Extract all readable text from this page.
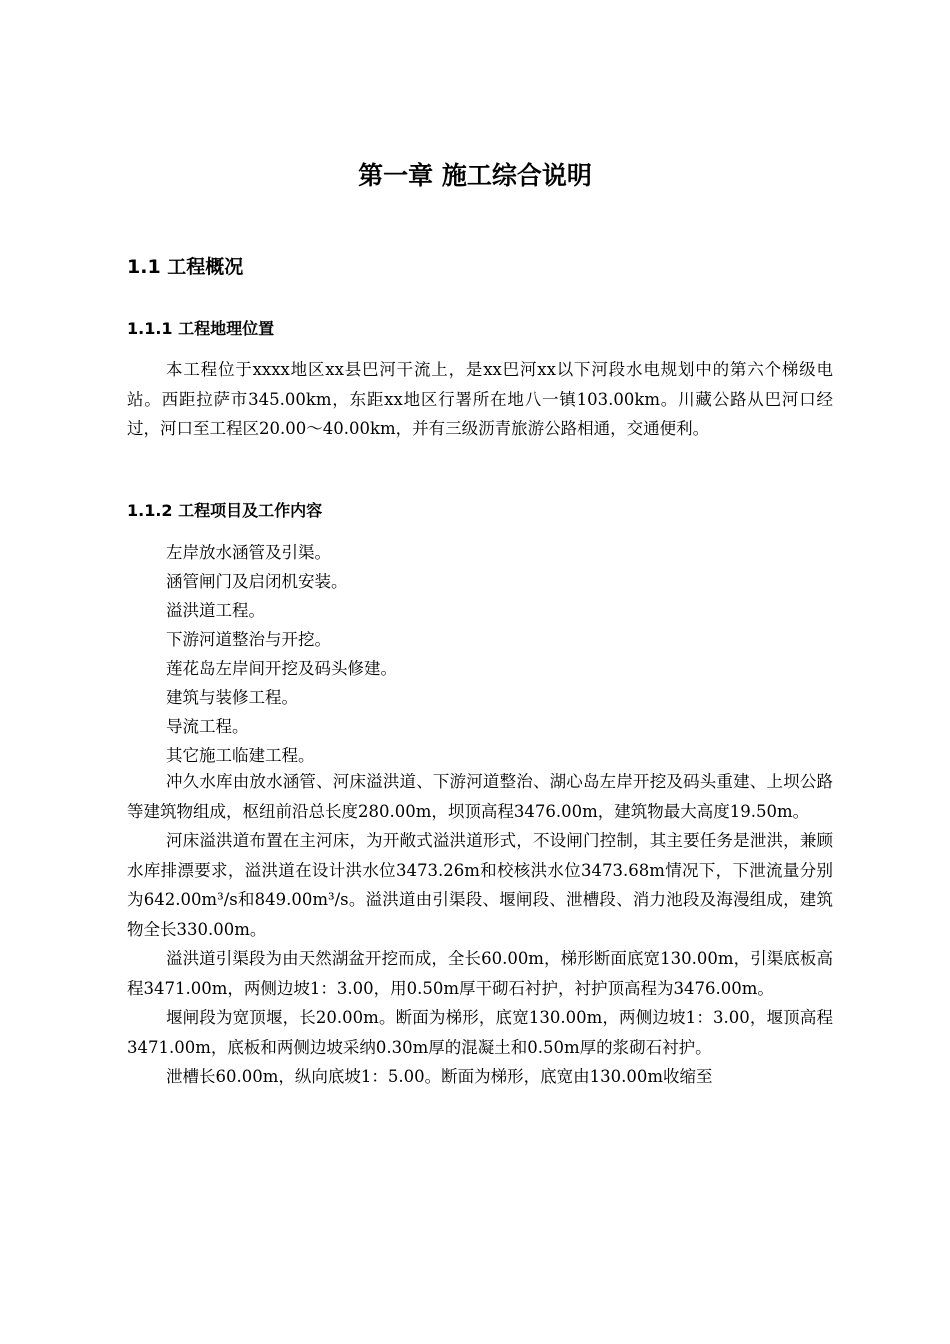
第一章 施工综合说明
1.1 工程概况
1.1.1 工程地理位置

本工程位于xxxx地区xx县巴河干流上，是xx巴河xx以下河段水电规划中的第六个梯级电站。西距拉萨市345.00km，东距xx地区行署所在地八一镇103.00km。川藏公路从巴河口经过，河口至工程区20.00～40.00km，并有三级沥青旅游公路相通，交通便利。

1.1.2 工程项目及工作内容
左岸放水涵管及引渠。
涵管闸门及启闭机安装。
溢洪道工程。
下游河道整治与开挖。
莲花岛左岸间开挖及码头修建。
建筑与装修工程。
导流工程。
其它施工临建工程。

冲久水库由放水涵管、河床溢洪道、下游河道整治、湖心岛左岸开挖及码头重建、上坝公路等建筑物组成，枢纽前沿总长度280.00m，坝顶高程3476.00m，建筑物最大高度19.50m。

河床溢洪道布置在主河床，为开敞式溢洪道形式，不设闸门控制，其主要任务是泄洪，兼顾水库排漂要求，溢洪道在设计洪水位3473.26m和校核洪水位3473.68m情况下，下泄流量分别为642.00m³/s和849.00m³/s。溢洪道由引渠段、堰闸段、泄槽段、消力池段及海漫组成，建筑物全长330.00m。

溢洪道引渠段为由天然湖盆开挖而成，全长60.00m，梯形断面底宽130.00m，引渠底板高程3471.00m，两侧边坡1：3.00，用0.50m厚干砌石衬护，衬护顶高程为3476.00m。

堰闸段为宽顶堰，长20.00m。断面为梯形，底宽130.00m，两侧边坡1：3.00，堰顶高程3471.00m，底板和两侧边坡采纳0.30m厚的混凝土和0.50m厚的浆砌石衬护。

泄槽长60.00m，纵向底坡1：5.00。断面为梯形，底宽由130.00m收缩至
